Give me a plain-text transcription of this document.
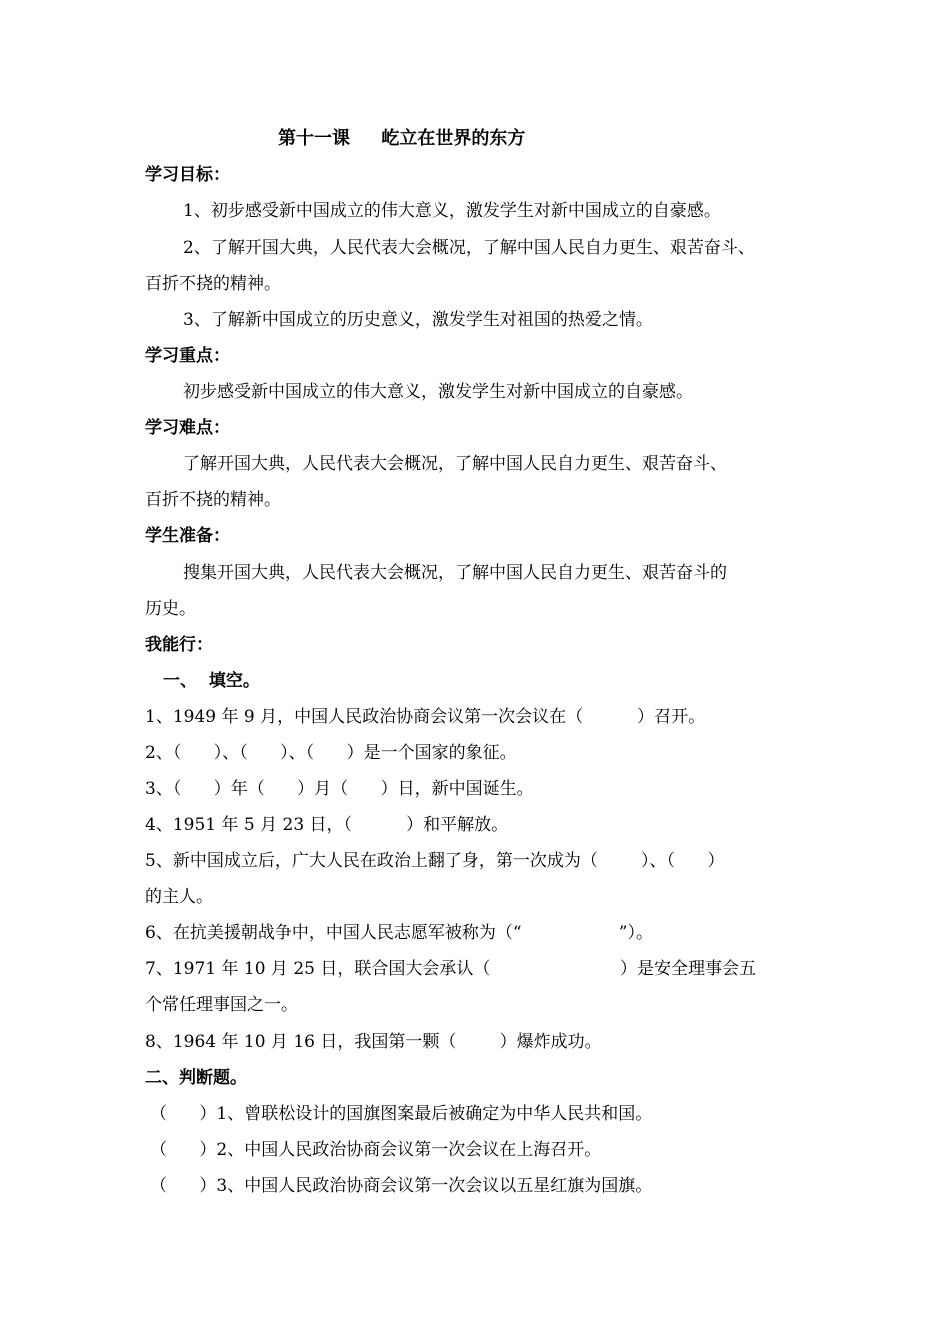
第十一课     屹立在世界的东方
学习目标：
1、初步感受新中国成立的伟大意义，激发学生对新中国成立的自豪感。
2、了解开国大典，人民代表大会概况，了解中国人民自力更生、艰苦奋斗、
百折不挠的精神。
3、了解新中国成立的历史意义，激发学生对祖国的热爱之情。
学习重点：
初步感受新中国成立的伟大意义，激发学生对新中国成立的自豪感。
学习难点：
了解开国大典，人民代表大会概况，了解中国人民自力更生、艰苦奋斗、
百折不挠的精神。
学生准备：
搜集开国大典，人民代表大会概况，了解中国人民自力更生、艰苦奋斗的
历史。
我能行：
一、  填空。
1、1949 年 9 月，中国人民政治协商会议第一次会议在（          ）召开。
2、（      ）、（      ）、（      ）是一个国家的象征。
3、（      ）年（      ）月（      ）日，新中国诞生。
4、1951 年 5 月 23 日，（          ）和平解放。
5、新中国成立后，广大人民在政治上翻了身，第一次成为（        ）、（      ）
的主人。
6、在抗美援朝战争中，中国人民志愿军被称为（“                  ”）。
7、1971 年 10 月 25 日，联合国大会承认（                        ）是安全理事会五
个常任理事国之一。
8、1964 年 10 月 16 日，我国第一颗（        ）爆炸成功。
二、判断题。
（      ）1、曾联松设计的国旗图案最后被确定为中华人民共和国。
（      ）2、中国人民政治协商会议第一次会议在上海召开。
（      ）3、中国人民政治协商会议第一次会议以五星红旗为国旗。
